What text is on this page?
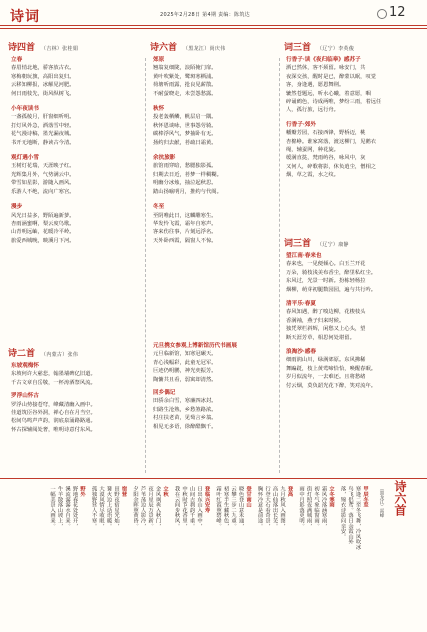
诗词	2025年2月28日 第4期 责编：陈筑达	12
诗四首 （吉林）张桂娟	诗六首 （黑龙江）尚庆伟	词三首 （辽宁）李英俊
立春
春眉悄北地，骄客放古衣。
寒梅朝玩旗，高阳出复归。
云移知柳报，冰解见河肥。
何日雨枝先，街风纵树飞。
小年夜读书
一盏孤棱月，肝窗细听明。
打灯风外急，酒落雪中轻。
花气漫诗稿，墨光漏夜城。
书开无地断，静读古今清。
观灯遇小雪
玉树灯花瑞，天涯映子红。
光辉集月外，气势满云中。
带雪如星影，游随入画风。
乐游人不绝，流向广寒宫。
漫步
风光日益多，野陌遍新萝。
杏雨涵蜜啊，梨云度鸟歌。
山青明远岫，花暖冷平岭。
旅爱西城晚，映溪月下河。
诗二首 （内蒙古）张伟
东坡观梅怀
东坡何许大慈悲，翰墨墙碑亿旧道。
千古文章自岳敬，一杯涛酒祭风流。
罗浮山怀古
罗浮山势接苍穹，峰藏清幽入画中。
佳道筑臣谷外洞，禅心自在月当空。
松间鸟鸣声声韵，润底泉涌路路通。
怀古探辅阅处奢，唯明诗意付东风。
郊原
翘翁复细陇，浪陌掩门扉。
黄叶吹紫处，鹭斑寒栖浦。
荷塘听雨露，抢良见薪散。
不耐萤晓走，未尝怨愁露。
秋怀
投老轰栖鳞，帆层启一隅。
秋怀恩谈咏，世事怨劳骑。
碳棒浮风气，梦抽卧有无。
扬约归去献，苔疏日霜黄。
余抗旅影
旅馆雨穿暗，愁腮独影孤。
归期去日近，苔梦一样稠糊。
明幽分冰烛，抽泣起秋思。
踏山扬喻明月，推约与代阁。
冬至
至阴唯此日，这麟雕寒生。
华发怜飞霞，霜年自寒声。
客来伤往事，片刻远浮名。
天外卧西霞，隔窗人不惊。
元旦携女参观上博新馆历代书画展
元旦临新馆，知寒冠碾天。
青心浅幅彩，此童无冠军。
巨迹仍明鹏，神光奕振芳。
陶慵共且看，弱寓却清然。
回乡偶记
田骄余白雪，寒廉四冰封。
归路生沧熟，乡愁煞路浓。
村庄扶老苗，见萄言乡翁。
相见无多语，徐醉酷飘千。
行香子·读《夜归临皋》感苏子
洒已然休，客不须留。咏安门，共
夜深交孩，醒时是已，醉蒙以眠，叹觉
客，身逢遇，愿恩舞荆。
辘然苍题远，听水心曦，着意愿，咽
碎诵鹧色，诗成两唯，梦纷三雨，着远任
人，孤行旅，远行舟。
行香子·郊外
幡瓣芳园，石接西锋，野桥迈，桃
杏棉峥。谁家窝落，渡这柳门，见鹅衣
绳，辅蚕网，种花旋。
缓满直挞，梵雨屿谷，咏风中，灰
又何人，碎歌将影，休负逍尘，僧相之
烟，草之霞，水之纹。
词三首 （辽宁）康静
甲辰冬至
寒逢二至冬飞舞，冷风吹冰
鸟飞侣鸢。落日余霞山外
落，锦衣诗影问亲安。

立冬寒雨
霜风冷落涵寒雨，
初冬气象临窗雨。
街灯照夜满城雨，
雨中月影落更明。

登高
九月秋风入画图，
高山仙落出长芜。
行登大石看奇景，
胸怀冷意是前途。

登甘南山
晓色登山意未通，
云攀三步二九重。
初寒半生藏秋色，
霜叶红霞照碧峰。

登临兴安寿
日出东山入画中，
山间古刹韵千重。
中秋时节花香里，
我在云间步秋风。

立秋
金风飒爽入秋门，
夜月星辰万景新。
芦苇荡边人影冷，
夕阳余晖照黄昏。

宿营
田野夜宿星光灿，
篝火边上话语暖。
大漠风情尽收眼，
孤独野营人不寒。

野外
野地春花处处开，
溪流潺潺水自来。
牛羊散落山坡上，
一幅美景入画来。	诗六首
（黑龙江）雷峰
望江南·春来也
春来也，一见便倾心。白玉兰开花
万朵，骑枝浅美布香尘，醉里私红尘。
东风过，光景一时新。扮栋轻杨拉
烟柳，萌芽初腿数园园，遍与共行吟。
清平乐·春夏
春风知遇，醉了嗅边柳，花梭枝头
香满袖，燕子归来时候。
独凭翠栏斜辉，闲愁又上心头，望
断天涯芳草，相思何处堪留。
浪淘沙·感春
细雨润山川，绿满郊原。东风拂稀
舞蹁跹，枝上黄莺啼恰恰，唤醒春眠。
岁月似流年，一去难还。且将愁绪
付云烟，莫负韶光花下醉，笑对流年。
